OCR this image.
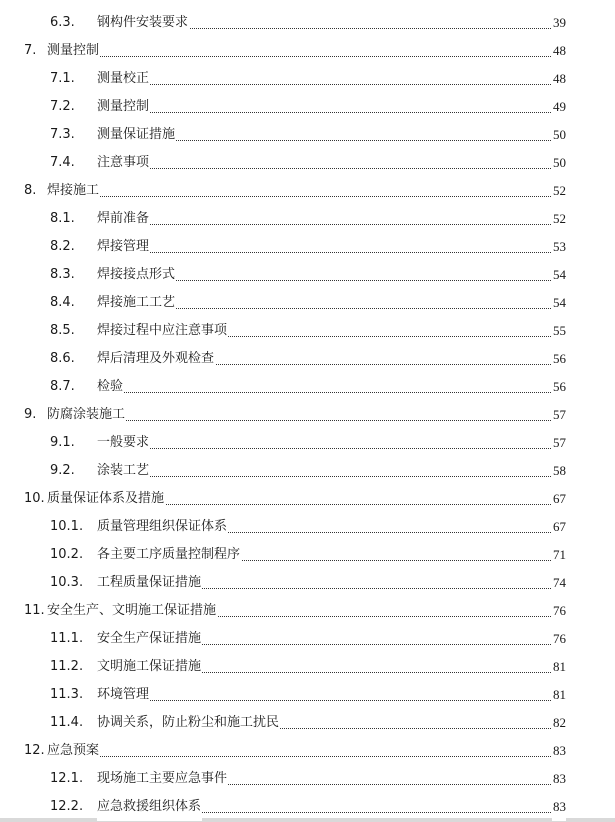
6.3. 钢构件安装要求	39
7. 测量控制	48
7.1. 测量校正	48
7.2. 测量控制	49
7.3. 测量保证措施	50
7.4. 注意事项	50
8. 焊接施工	52
8.1. 焊前准备	52
8.2. 焊接管理	53
8.3. 焊接接点形式	54
8.4. 焊接施工工艺	54
8.5. 焊接过程中应注意事项	55
8.6. 焊后清理及外观检查	56
8.7. 检验	56
9. 防腐涂装施工	57
9.1. 一般要求	57
9.2. 涂装工艺	58
10. 质量保证体系及措施	67
10.1. 质量管理组织保证体系	67
10.2. 各主要工序质量控制程序	71
10.3. 工程质量保证措施	74
11. 安全生产、文明施工保证措施	76
11.1. 安全生产保证措施	76
11.2. 文明施工保证措施	81
11.3. 环境管理	81
11.4. 协调关系，防止粉尘和施工扰民	82
12. 应急预案	83
12.1. 现场施工主要应急事件	83
12.2. 应急救援组织体系	83
